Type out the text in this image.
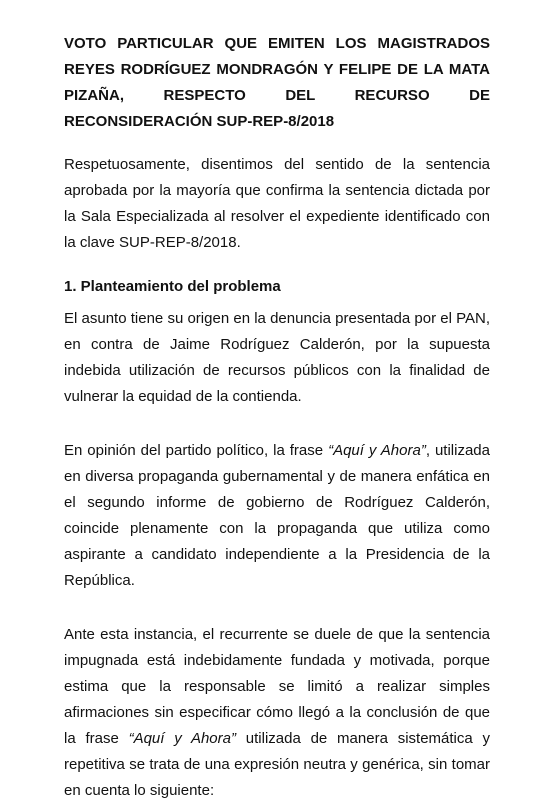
VOTO PARTICULAR QUE EMITEN LOS MAGISTRADOS
REYES RODRÍGUEZ MONDRAGÓN Y FELIPE DE LA MATA
PIZAÑA, RESPECTO DEL RECURSO DE
RECONSIDERACIÓN SUP-REP-8/2018

Respetuosamente, disentimos del sentido de la sentencia aprobada por la mayoría que confirma la sentencia dictada por la Sala Especializada al resolver el expediente identificado con la clave SUP-REP-8/2018.

1. Planteamiento del problema

El asunto tiene su origen en la denuncia presentada por el PAN, en contra de Jaime Rodríguez Calderón, por la supuesta indebida utilización de recursos públicos con la finalidad de vulnerar la equidad de la contienda.

En opinión del partido político, la frase “Aquí y Ahora”, utilizada en diversa propaganda gubernamental y de manera enfática en el segundo informe de gobierno de Rodríguez Calderón, coincide plenamente con la propaganda que utiliza como aspirante a candidato independiente a la Presidencia de la República.

Ante esta instancia, el recurrente se duele de que la sentencia impugnada está indebidamente fundada y motivada, porque estima que la responsable se limitó a realizar simples afirmaciones sin especificar cómo llegó a la conclusión de que la frase “Aquí y Ahora” utilizada de manera sistemática y repetitiva se trata de una expresión neutra y genérica, sin tomar en cuenta lo siguiente:
